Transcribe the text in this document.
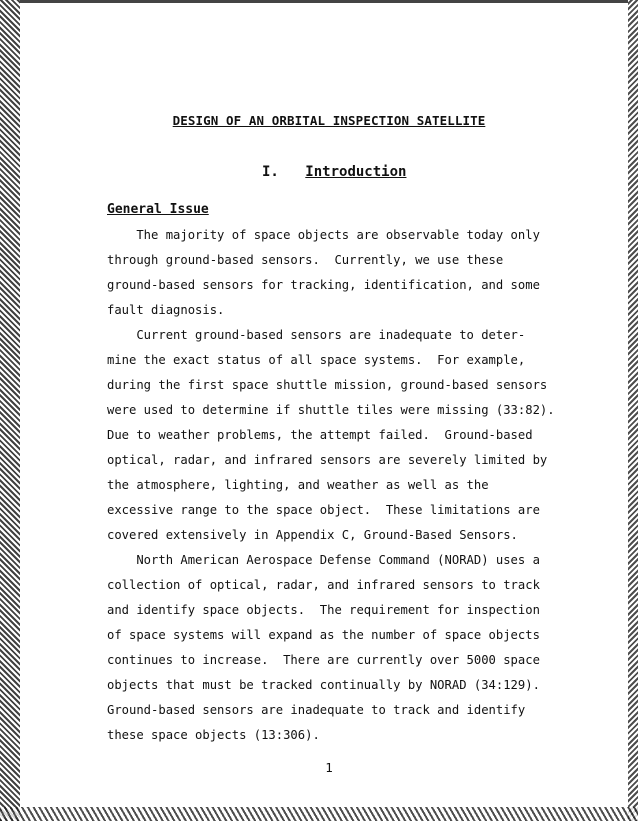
DESIGN OF AN ORBITAL INSPECTION SATELLITE
I. Introduction
General Issue
The majority of space objects are observable today only
through ground-based sensors.  Currently, we use these
ground-based sensors for tracking, identification, and some
fault diagnosis.
Current ground-based sensors are inadequate to deter-
mine the exact status of all space systems.  For example,
during the first space shuttle mission, ground-based sensors
were used to determine if shuttle tiles were missing (33:82).
Due to weather problems, the attempt failed.  Ground-based
optical, radar, and infrared sensors are severely limited by
the atmosphere, lighting, and weather as well as the
excessive range to the space object.  These limitations are
covered extensively in Appendix C, Ground-Based Sensors.
North American Aerospace Defense Command (NORAD) uses a
collection of optical, radar, and infrared sensors to track
and identify space objects.  The requirement for inspection
of space systems will expand as the number of space objects
continues to increase.  There are currently over 5000 space
objects that must be tracked continually by NORAD (34:129).
Ground-based sensors are inadequate to track and identify
these space objects (13:306).
1
